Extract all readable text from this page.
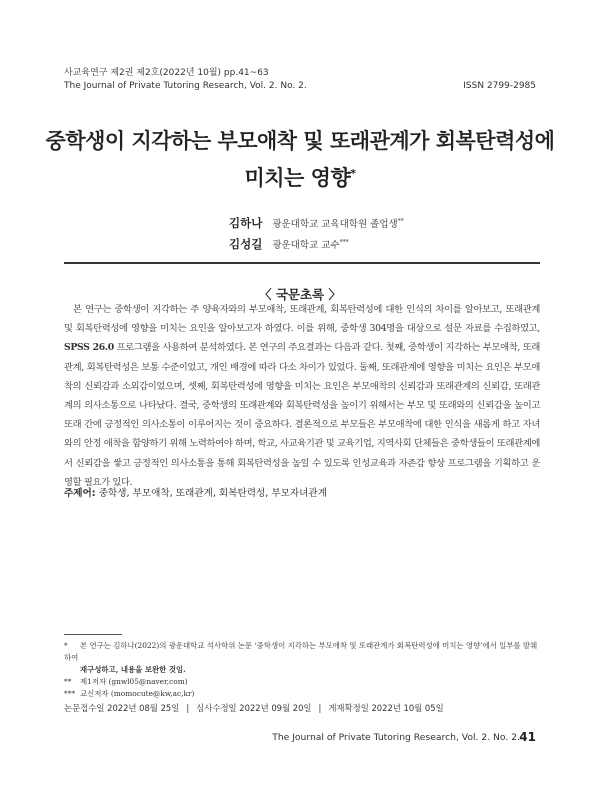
사교육연구 제2권 제2호(2022년 10월) pp.41~63
The Journal of Private Tutoring Research, Vol. 2. No. 2.	ISSN 2799-2985
중학생이 지각하는 부모애착 및 또래관계가 회복탄력성에
미치는 영향*
김하나 광운대학교 교육대학원 졸업생**
김성길 광운대학교 교수***
〈 국문초록 〉
본 연구는 중학생이 지각하는 주 양육자와의 부모애착, 또래관계, 회복탄력성에 대한 인식의 차이를 알아보고, 또래관계 및 회복탄력성에 영향을 미치는 요인을 알아보고자 하였다. 이를 위해, 중학생 304명을 대상으로 설문 자료를 수집하였고, SPSS 26.0 프로그램을 사용하여 분석하였다. 본 연구의 주요결과는 다음과 같다. 첫째, 중학생이 지각하는 부모애착, 또래관계, 회복탄력성은 보통 수준이었고, 개인 배경에 따라 다소 차이가 있었다. 둘째, 또래관계에 영향을 미치는 요인은 부모애착의 신뢰감과 소외감이었으며, 셋째, 회복탄력성에 영향을 미치는 요인은 부모애착의 신뢰감과 또래관계의 신뢰감, 또래관계의 의사소통으로 나타났다. 결국, 중학생의 또래관계와 회복탄력성을 높이기 위해서는 부모 및 또래와의 신뢰감을 높이고 또래 간에 긍정적인 의사소통이 이루어지는 것이 중요하다. 결론적으로 부모들은 부모애착에 대한 인식을 새롭게 하고 자녀와의 안정 애착을 함양하기 위해 노력하여야 하며, 학교, 사교육기관 및 교육기업, 지역사회 단체들은 중학생들이 또래관계에서 신뢰감을 쌓고 긍정적인 의사소통을 통해 회복탄력성을 높일 수 있도록 인성교육과 자존감 향상 프로그램을 기획하고 운영할 필요가 있다.
주제어: 중학생, 부모애착, 또래관계, 회복탄력성, 부모자녀관계
* 본 연구는 김하나(2022)의 광운대학교 석사학위 논문 ‘중학생이 지각하는 부모애착 및 또래관계가 회복탄력성에 미치는 영향’에서 일부를 발췌하여
재구성하고, 내용을 보완한 것임.
** 제1저자 (gnwl05@naver,com)
*** 교신저자 (momocute@kw,ac,kr)
논문접수일 2022년 08월 25일 | 심사수정일 2022년 09월 20일 | 게재확정일 2022년 10월 05일
The Journal of Private Tutoring Research, Vol. 2. No. 2. 41
